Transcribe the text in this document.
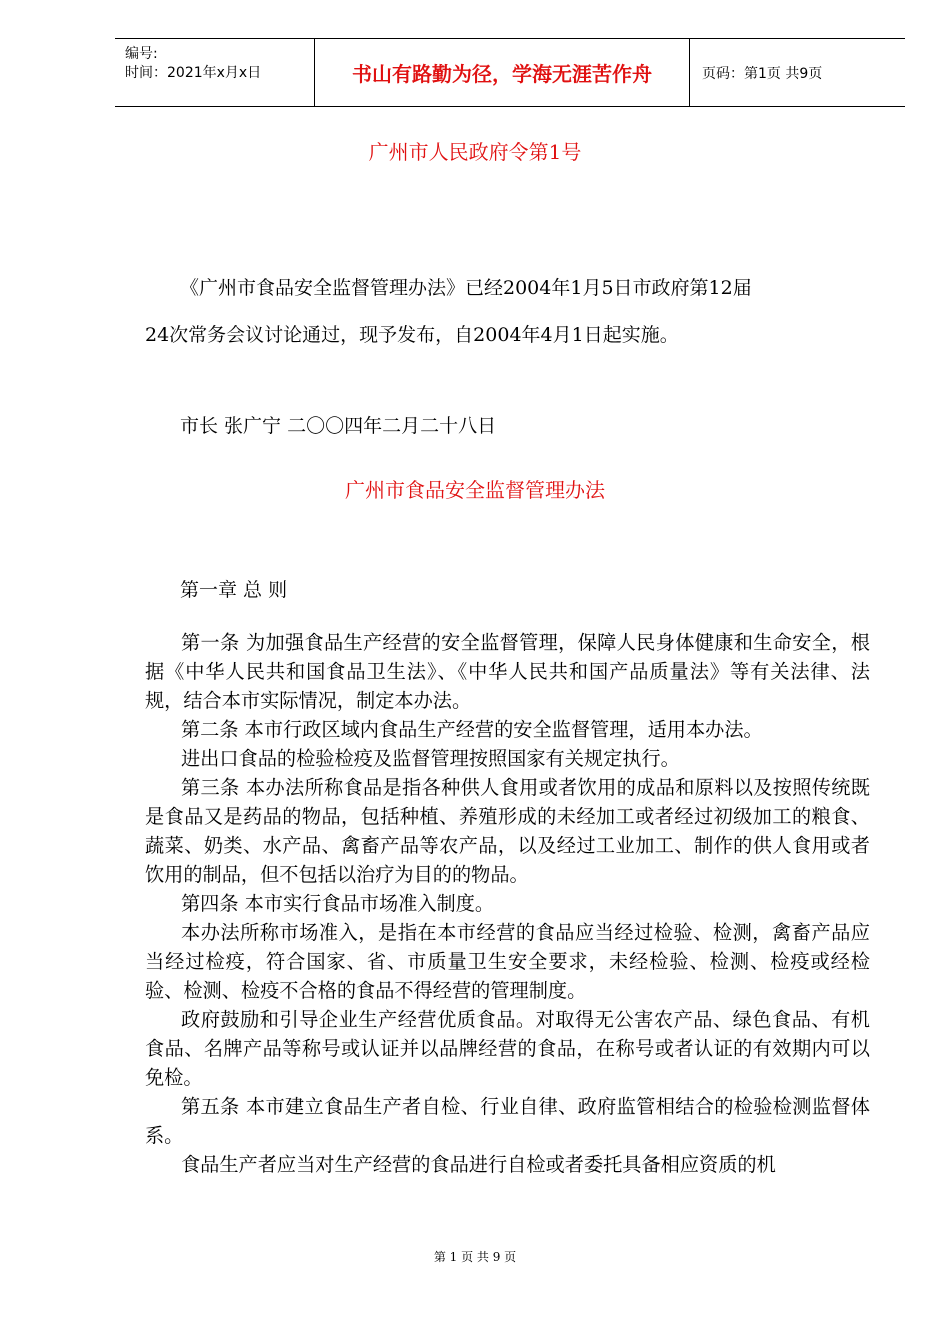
编号:
时间：2021年x月x日	书山有路勤为径，学海无涯苦作舟	页码：第1页 共9页
广州市人民政府令第1号
《广州市食品安全监督管理办法》已经2004年1月5日市政府第12届
24次常务会议讨论通过，现予发布，自2004年4月1日起实施。
市长 张广宁 二〇〇四年二月二十八日
广州市食品安全监督管理办法
第一章 总 则

第一条 为加强食品生产经营的安全监督管理，保障人民身体健康和生命安全，根据《中华人民共和国食品卫生法》、《中华人民共和国产品质量法》等有关法律、法规，结合本市实际情况，制定本办法。

第二条 本市行政区域内食品生产经营的安全监督管理，适用本办法。

进出口食品的检验检疫及监督管理按照国家有关规定执行。

第三条 本办法所称食品是指各种供人食用或者饮用的成品和原料以及按照传统既是食品又是药品的物品，包括种植、养殖形成的未经加工或者经过初级加工的粮食、蔬菜、奶类、水产品、禽畜产品等农产品，以及经过工业加工、制作的供人食用或者饮用的制品，但不包括以治疗为目的的物品。

第四条 本市实行食品市场准入制度。

本办法所称市场准入，是指在本市经营的食品应当经过检验、检测，禽畜产品应当经过检疫，符合国家、省、市质量卫生安全要求，未经检验、检测、检疫或经检验、检测、检疫不合格的食品不得经营的管理制度。

政府鼓励和引导企业生产经营优质食品。对取得无公害农产品、绿色食品、有机食品、名牌产品等称号或认证并以品牌经营的食品，在称号或者认证的有效期内可以免检。

第五条 本市建立食品生产者自检、行业自律、政府监管相结合的检验检测监督体系。

食品生产者应当对生产经营的食品进行自检或者委托具备相应资质的机

第 1 页 共 9 页
